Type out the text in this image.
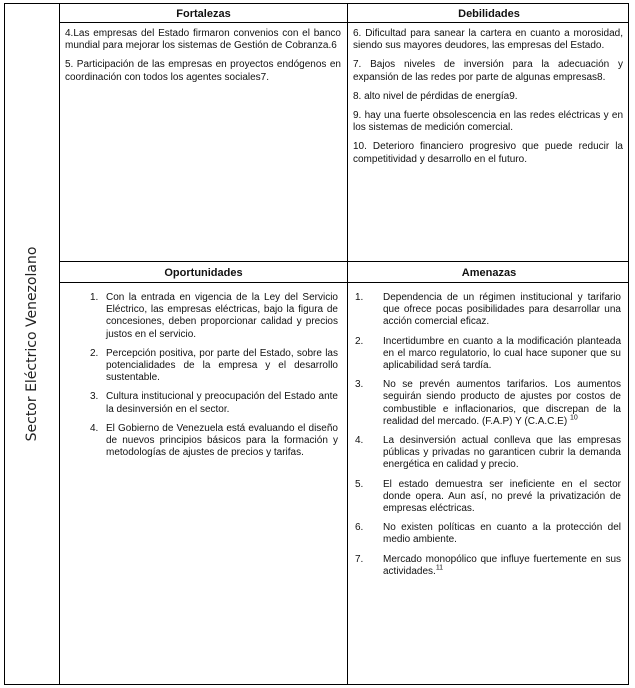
Sector Eléctrico Venezolano
Fortalezas

4.Las empresas del Estado firmaron convenios con el banco mundial para mejorar los sistemas de Gestión de Cobranza.6

5. Participación de las empresas en proyectos endógenos en coordinación con todos los agentes sociales7.

Debilidades

6. Dificultad para sanear la cartera en cuanto a morosidad, siendo sus mayores deudores, las empresas del Estado.

7. Bajos niveles de inversión para la adecuación y expansión de las redes por parte de algunas empresas8.

8. alto nivel de pérdidas de energía9.

9. hay una fuerte obsolescencia en las redes eléctricas y en los sistemas de medición comercial.

10. Deterioro financiero progresivo que puede reducir la competitividad y desarrollo en el futuro.

Oportunidades
1. Con la entrada en vigencia de la Ley del Servicio Eléctrico, las empresas eléctricas, bajo la figura de concesiones, deben proporcionar calidad y precios justos en el servicio.
2. Percepción positiva, por parte del Estado, sobre las potencialidades de la empresa y el desarrollo sustentable.
3. Cultura institucional y preocupación del Estado ante la desinversión en el sector.
4. El Gobierno de Venezuela está evaluando el diseño de nuevos principios básicos para la formación y metodologías de ajustes de precios y tarifas.
Amenazas
1. Dependencia de un régimen institucional y tarifario que ofrece pocas posibilidades para desarrollar una acción comercial eficaz.
2. Incertidumbre en cuanto a la modificación planteada en el marco regulatorio, lo cual hace suponer que su aplicabilidad será tardía.
3. No se prevén aumentos tarifarios. Los aumentos seguirán siendo producto de ajustes por costos de combustible e inflacionarios, que discrepan de la realidad del mercado. (F.A.P) Y (C.A.C.E) $^{10}$
4. La desinversión actual conlleva que las empresas públicas y privadas no garanticen cubrir la demanda energética en calidad y precio.
5. El estado demuestra ser ineficiente en el sector donde opera. Aun así, no prevé la privatización de empresas eléctricas.
6. No existen políticas en cuanto a la protección del medio ambiente.
7. Mercado monopólico que influye fuertemente en sus actividades.$^{11}$
